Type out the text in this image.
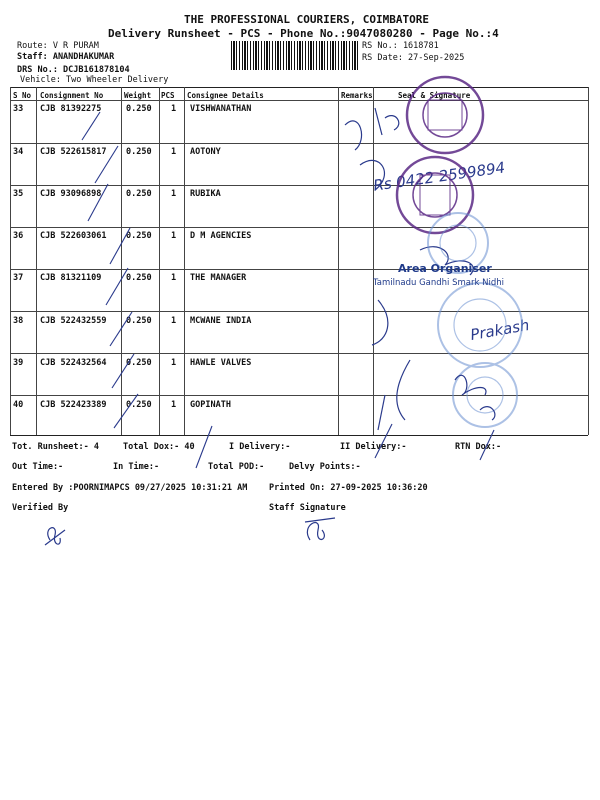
THE PROFESSIONAL COURIERS, COIMBATORE
Delivery Runsheet - PCS - Phone No.:9047080280 - Page No.:4
Route: V R PURAM
Staff: ANANDHAKUMAR
DRS No.: DCJB161878104
Vehicle: Two Wheeler Delivery
RS No.: 1618781
RS Date: 27-Sep-2025
S No Consignment No	Weight PCS Consignee Details	Remarks	Seal & Signature
33 CJB 81392275	0.250 1 VISHWANATHAN
34 CJB 522615817 0.250 1 AOTONY
35 CJB 93096898	0.250 1 RUBIKA
36 CJB 522603061 0.250 1 D M AGENCIES
37 CJB 81321109	0.250 1 THE MANAGER
38 CJB 522432559 0.250 1 MCWANE INDIA
39 CJB 522432564 0.250 1 HAWLE VALVES
40 CJB 522423389 0.250 1 GOPINATH
Tot. Runsheet:- 4	Total Dox:- 40	I Delivery:-	II Delivery:-	RTN Dox:-
Out Time:-	In Time:-	Total POD:-	Delvy Points:-
Entered By :POORNIMAPCS 09/27/2025 10:31:21 AM	Printed On: 27-09-2025 10:36:20
Verified By	Staff Signature
Rs 0422 2599894
Prakash
Area Organiser
Tamilnadu Gandhi Smark Nidhi
